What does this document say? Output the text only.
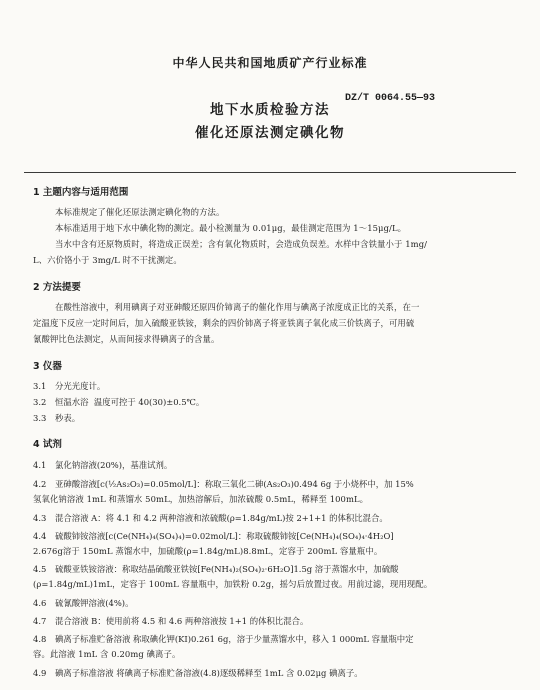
中华人民共和国地质矿产行业标准
DZ/T 0064.55—93
地下水质检验方法
催化还原法测定碘化物
1 主题内容与适用范围
本标准规定了催化还原法测定碘化物的方法。
本标准适用于地下水中碘化物的测定。最小检测量为 0.01μg，最佳测定范围为 1～15μg/L。
当水中含有还原物质时，将造成正误差；含有氧化物质时，会造成负误差。水样中含铁量小于 1mg/
L、六价铬小于 3mg/L 时不干扰测定。
2 方法提要
在酸性溶液中，利用碘离子对亚砷酸还原四价铈离子的催化作用与碘离子浓度成正比的关系，在一
定温度下反应一定时间后，加入硫酸亚铁铵，剩余的四价铈离子将亚铁离子氧化成三价铁离子，可用硫
氰酸钾比色法测定，从而间接求得碘离子的含量。
3 仪器
3.1 分光光度计。
3.2 恒温水浴 温度可控于 40(30)±0.5℃。
3.3 秒表。
4 试剂
4.1 氯化钠溶液(20%)，基准试剂。
4.2 亚砷酸溶液[c(½As₂O₃)=0.05mol/L]：称取三氧化二砷(As₂O₃)0.494 6g 于小烧杯中，加 15%
氢氧化钠溶液 1mL 和蒸馏水 50mL，加热溶解后，加浓硫酸 0.5mL，稀释至 100mL。
4.3 混合溶液 A：将 4.1 和 4.2 两种溶液和浓硫酸(ρ=1.84g/mL)按 2+1+1 的体积比混合。
4.4 硫酸铈铵溶液[c(Ce(NH₄)₄(SO₄)₄)=0.02mol/L]：称取硫酸铈铵[Ce(NH₄)₄(SO₄)₄·4H₂O]
2.676g溶于 150mL 蒸馏水中，加硫酸(ρ=1.84g/mL)8.8mL，定容于 200mL 容量瓶中。
4.5 硫酸亚铁铵溶液：称取结晶硫酸亚铁铵[Fe(NH₄)₂(SO₄)₂·6H₂O]1.5g 溶于蒸馏水中，加硫酸
(ρ=1.84g/mL)1mL，定容于 100mL 容量瓶中，加铁粉 0.2g，摇匀后放置过夜。用前过滤，现用现配。
4.6 硫氰酸钾溶液(4%)。
4.7 混合溶液 B：使用前将 4.5 和 4.6 两种溶液按 1+1 的体积比混合。
4.8 碘离子标准贮备溶液 称取碘化钾(KI)0.261 6g，溶于少量蒸馏水中，移入 1 000mL 容量瓶中定
容。此溶液 1mL 含 0.20mg 碘离子。
4.9 碘离子标准溶液 将碘离子标准贮备溶液(4.8)逐级稀释至 1mL 含 0.02μg 碘离子。
